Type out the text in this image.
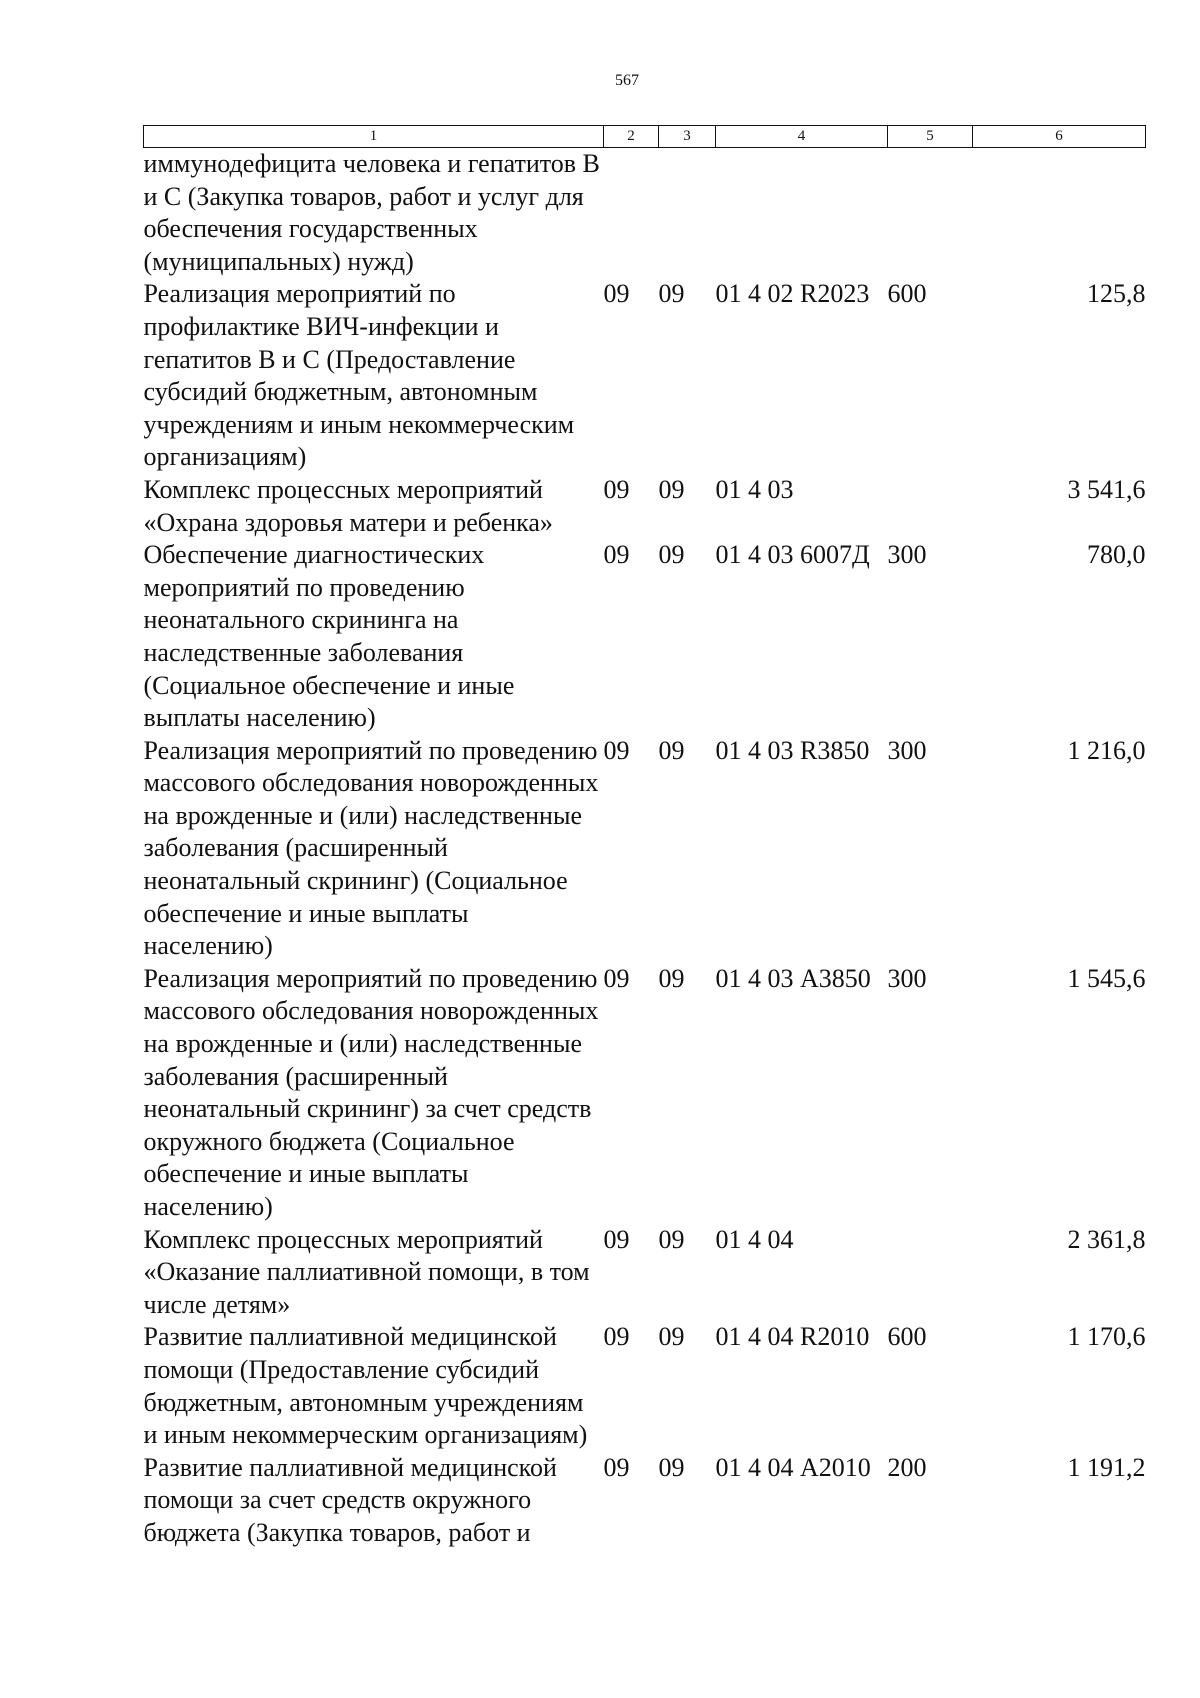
567
1	2	3	4	5	6
иммунодефицита человека и гепатитов В и С (Закупка товаров, работ и услуг для обеспечения государственных (муниципальных) нужд)					
Реализация мероприятий по профилактике ВИЧ-инфекции и гепатитов В и С (Предоставление субсидий бюджетным, автономным учреждениям и иным некоммерческим организациям)	09	09	01 4 02 R2023	600	125,8
Комплекс процессных мероприятий «Охрана здоровья матери и ребенка»	09	09	01 4 03		3 541,6
Обеспечение диагностических мероприятий по проведению неонатального скрининга на наследственные заболевания (Социальное обеспечение и иные выплаты населению)	09	09	01 4 03 6007Д	300	780,0
Реализация мероприятий по проведению массового обследования новорожденных на врожденные и (или) наследственные заболевания (расширенный неонатальный скрининг) (Социальное обеспечение и иные выплаты населению)	09	09	01 4 03 R3850	300	1 216,0
Реализация мероприятий по проведению массового обследования новорожденных на врожденные и (или) наследственные заболевания (расширенный неонатальный скрининг) за счет средств окружного бюджета (Социальное обеспечение и иные выплаты населению)	09	09	01 4 03 А3850	300	1 545,6
Комплекс процессных мероприятий «Оказание паллиативной помощи, в том числе детям»	09	09	01 4 04		2 361,8
Развитие паллиативной медицинской помощи (Предоставление субсидий бюджетным, автономным учреждениям и иным некоммерческим организациям)	09	09	01 4 04 R2010	600	1 170,6
Развитие паллиативной медицинской помощи за счет средств окружного бюджета (Закупка товаров, работ и	09	09	01 4 04 А2010	200	1 191,2
